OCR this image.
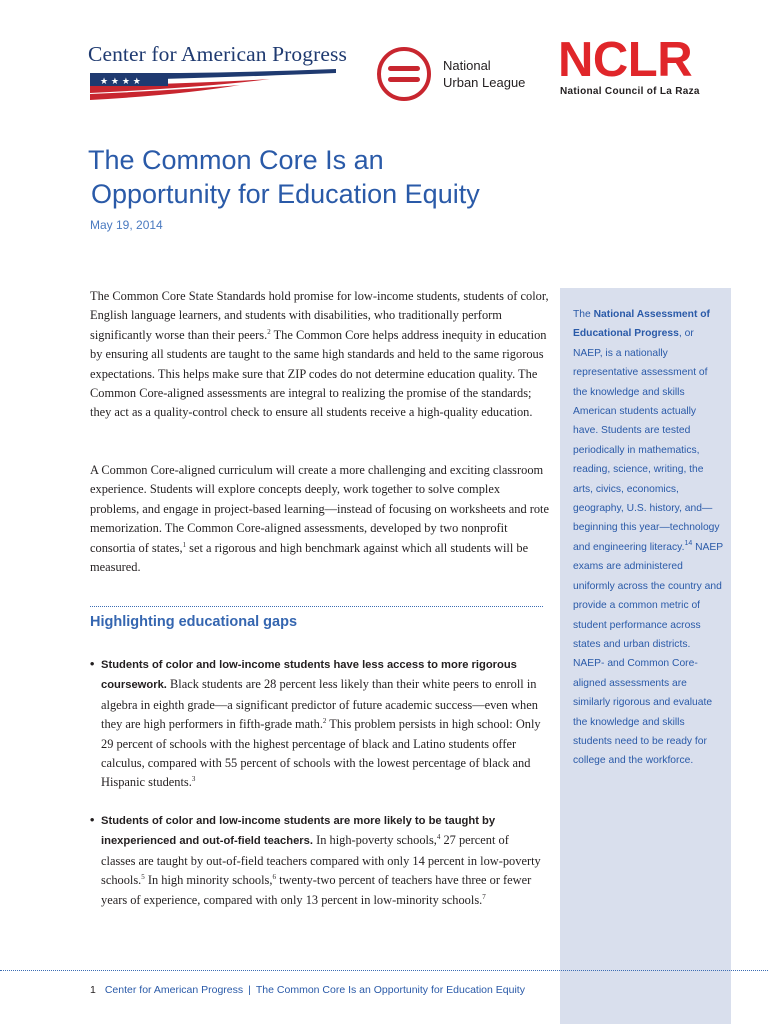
Center for American Progress
★ ★ ★ ★
National
Urban League NCLR
National Council of La Raza
The Common Core Is an
Opportunity for Education Equity
May 19, 2014

The Common Core State Standards hold promise for low-income students, students of color, English language learners, and students with disabilities, who traditionally perform significantly worse than their peers.$^2$ The Common Core helps address inequity in education by ensuring all students are taught to the same high standards and held to the same rigorous expectations. This helps make sure that ZIP codes do not determine education quality. The Common Core-aligned assessments are integral to realizing the promise of the standards; they act as a quality-control check to ensure all students receive a high-quality education.

A Common Core-aligned curriculum will create a more challenging and exciting classroom experience. Students will explore concepts deeply, work together to solve complex problems, and engage in project-based learning—instead of focusing on worksheets and rote memorization. The Common Core-aligned assessments, developed by two nonprofit consortia of states,$^1$ set a rigorous and high benchmark against which all students will be measured.

Highlighting educational gaps
• Students of color and low-income students have less access to more rigorous coursework. Black students are 28 percent less likely than their white peers to enroll in algebra in eighth grade—a significant predictor of future academic success—even when they are high performers in fifth-grade math.$^2$ This problem persists in high school: Only 29 percent of schools with the highest percentage of black and Latino students offer calculus, compared with 55 percent of schools with the lowest percentage of black and Hispanic students.$^3$
• Students of color and low-income students are more likely to be taught by inexperienced and out-of-field teachers. In high-poverty schools,$^4$ 27 percent of classes are taught by out-of-field teachers compared with only 14 percent in low-poverty schools.$^5$ In high minority schools,$^6$ twenty-two percent of teachers have three or fewer years of experience, compared with only 13 percent in low-minority schools.$^7$

The National Assessment of Educational Progress, or NAEP, is a nationally representative assessment of the knowledge and skills American students actually have. Students are tested periodically in mathematics, reading, science, writing, the arts, civics, economics, geography, U.S. history, and—beginning this year—technology and engineering literacy.$^{14}$ NAEP exams are administered uniformly across the country and provide a common metric of student performance across states and urban districts. NAEP- and Common Core-aligned assessments are similarly rigorous and evaluate the knowledge and skills students need to be ready for college and the workforce.

1 Center for American Progress | The Common Core Is an Opportunity for Education Equity
